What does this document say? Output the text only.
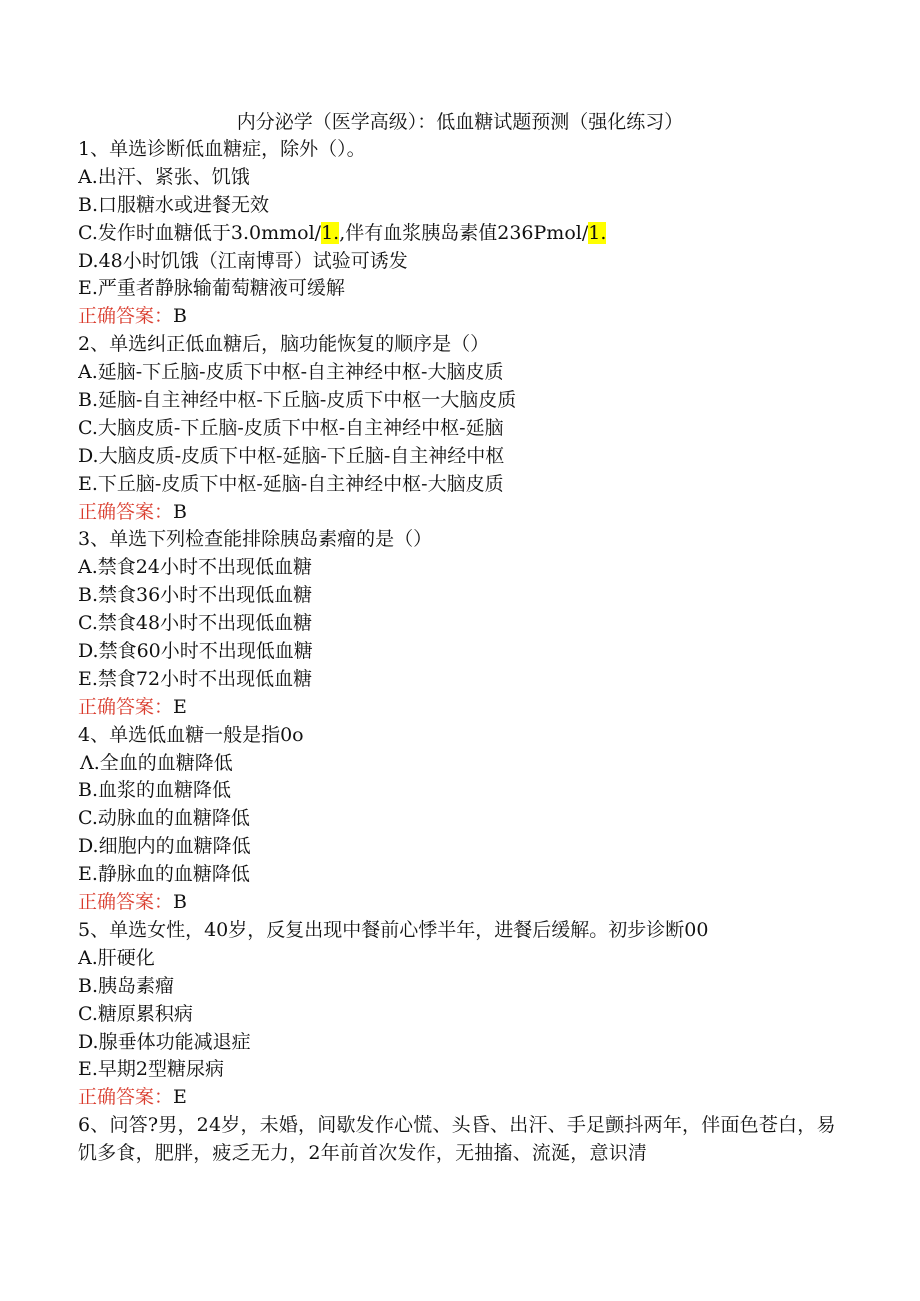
内分泌学（医学高级）：低血糖试题预测（强化练习）
1、单选诊断低血糖症，除外（）。
A.出汗、紧张、饥饿
B.口服糖水或进餐无效
C.发作时血糖低于3.0mmol/1.,伴有血浆胰岛素值236Pmol/1.
D.48小时饥饿（江南博哥）试验可诱发
E.严重者静脉输葡萄糖液可缓解
正确答案：B
2、单选纠正低血糖后，脑功能恢复的顺序是（）
A.延脑-下丘脑-皮质下中枢-自主神经中枢-大脑皮质
B.延脑-自主神经中枢-下丘脑-皮质下中枢一大脑皮质
C.大脑皮质-下丘脑-皮质下中枢-自主神经中枢-延脑
D.大脑皮质-皮质下中枢-延脑-下丘脑-自主神经中枢
E.下丘脑-皮质下中枢-延脑-自主神经中枢-大脑皮质
正确答案：B
3、单选下列检查能排除胰岛素瘤的是（）
A.禁食24小时不出现低血糖
B.禁食36小时不出现低血糖
C.禁食48小时不出现低血糖
D.禁食60小时不出现低血糖
E.禁食72小时不出现低血糖
正确答案：E
4、单选低血糖一般是指0o
Λ.全血的血糖降低
B.血浆的血糖降低
C.动脉血的血糖降低
D.细胞内的血糖降低
E.静脉血的血糖降低
正确答案：B
5、单选女性，40岁，反复出现中餐前心悸半年，进餐后缓解。初步诊断00
A.肝硬化
B.胰岛素瘤
C.糖原累积病
D.腺垂体功能减退症
E.早期2型糖尿病
正确答案：E
6、问答?男，24岁，未婚，间歇发作心慌、头昏、出汗、手足颤抖两年，伴面色苍白，易饥多食，肥胖，疲乏无力，2年前首次发作，无抽搐、流涎，意识清
